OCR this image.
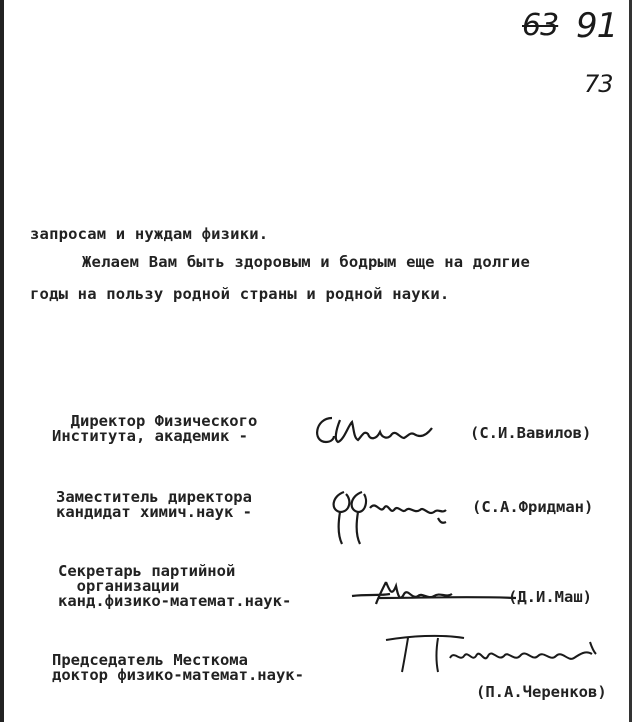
63 91
73
запросам и нуждам физики.
Желаем Вам быть здоровым и бодрым еще на долгие
годы на пользу родной страны и родной науки.
Директор Физического
Института, академик -	(С.И.Вавилов)
Заместитель директора
кандидат химич.наук -	(С.А.Фридман)
Секретарь партийной
организации
канд.физико-математ.наук-	(Д.И.Маш)
Председатель Месткома
доктор физико-математ.наук-
(П.А.Черенков)
